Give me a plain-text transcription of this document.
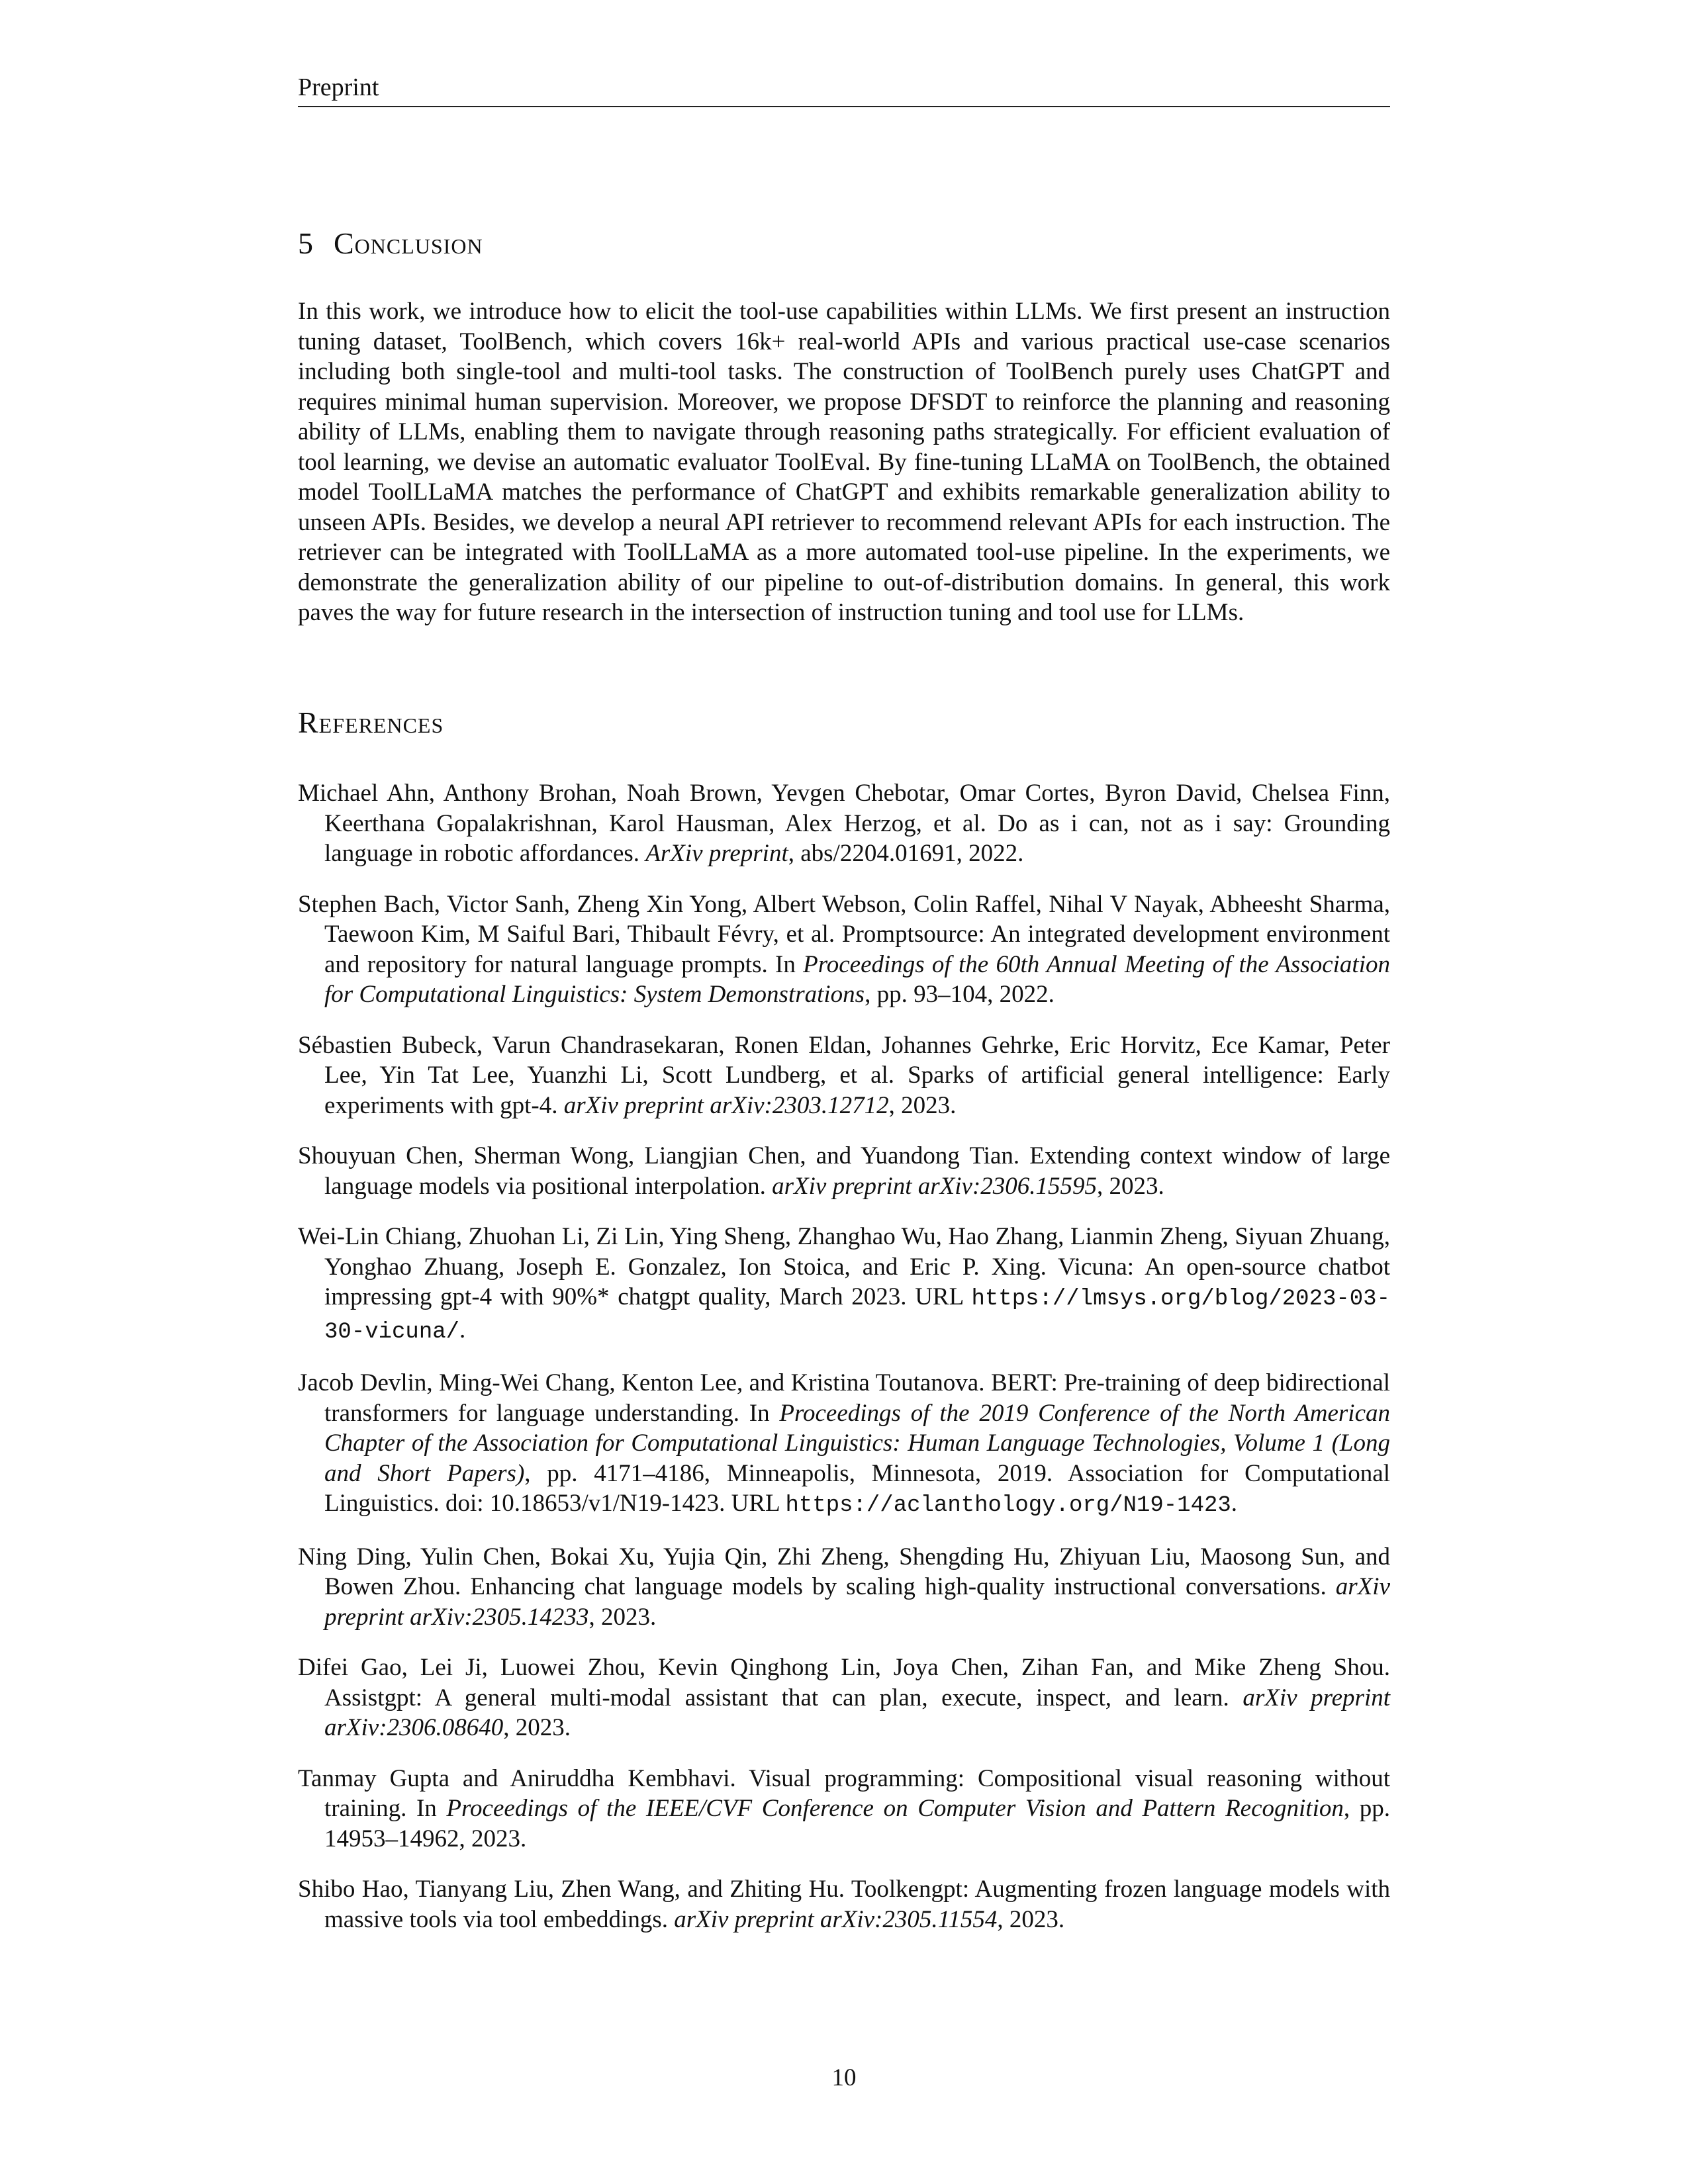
Preprint
5 Conclusion
In this work, we introduce how to elicit the tool-use capabilities within LLMs. We first present an instruction tuning dataset, ToolBench, which covers 16k+ real-world APIs and various practical use-case scenarios including both single-tool and multi-tool tasks. The construction of ToolBench purely uses ChatGPT and requires minimal human supervision. Moreover, we propose DFSDT to reinforce the planning and reasoning ability of LLMs, enabling them to navigate through reasoning paths strategically. For efficient evaluation of tool learning, we devise an automatic evaluator ToolEval. By fine-tuning LLaMA on ToolBench, the obtained model ToolLLaMA matches the performance of ChatGPT and exhibits remarkable generalization ability to unseen APIs. Besides, we develop a neural API retriever to recommend relevant APIs for each instruction. The retriever can be integrated with ToolLLaMA as a more automated tool-use pipeline. In the experiments, we demonstrate the generalization ability of our pipeline to out-of-distribution domains. In general, this work paves the way for future research in the intersection of instruction tuning and tool use for LLMs.
References
Michael Ahn, Anthony Brohan, Noah Brown, Yevgen Chebotar, Omar Cortes, Byron David, Chelsea Finn, Keerthana Gopalakrishnan, Karol Hausman, Alex Herzog, et al. Do as i can, not as i say: Grounding language in robotic affordances. ArXiv preprint, abs/2204.01691, 2022.
Stephen Bach, Victor Sanh, Zheng Xin Yong, Albert Webson, Colin Raffel, Nihal V Nayak, Abheesht Sharma, Taewoon Kim, M Saiful Bari, Thibault Févry, et al. Promptsource: An integrated development environment and repository for natural language prompts. In Proceedings of the 60th Annual Meeting of the Association for Computational Linguistics: System Demonstrations, pp. 93–104, 2022.
Sébastien Bubeck, Varun Chandrasekaran, Ronen Eldan, Johannes Gehrke, Eric Horvitz, Ece Kamar, Peter Lee, Yin Tat Lee, Yuanzhi Li, Scott Lundberg, et al. Sparks of artificial general intelligence: Early experiments with gpt-4. arXiv preprint arXiv:2303.12712, 2023.
Shouyuan Chen, Sherman Wong, Liangjian Chen, and Yuandong Tian. Extending context window of large language models via positional interpolation. arXiv preprint arXiv:2306.15595, 2023.
Wei-Lin Chiang, Zhuohan Li, Zi Lin, Ying Sheng, Zhanghao Wu, Hao Zhang, Lianmin Zheng, Siyuan Zhuang, Yonghao Zhuang, Joseph E. Gonzalez, Ion Stoica, and Eric P. Xing. Vicuna: An open-source chatbot impressing gpt-4 with 90%* chatgpt quality, March 2023. URL https://lmsys.org/blog/2023-03-30-vicuna/.
Jacob Devlin, Ming-Wei Chang, Kenton Lee, and Kristina Toutanova. BERT: Pre-training of deep bidirectional transformers for language understanding. In Proceedings of the 2019 Conference of the North American Chapter of the Association for Computational Linguistics: Human Language Technologies, Volume 1 (Long and Short Papers), pp. 4171–4186, Minneapolis, Minnesota, 2019. Association for Computational Linguistics. doi: 10.18653/v1/N19-1423. URL https://aclanthology.org/N19-1423.
Ning Ding, Yulin Chen, Bokai Xu, Yujia Qin, Zhi Zheng, Shengding Hu, Zhiyuan Liu, Maosong Sun, and Bowen Zhou. Enhancing chat language models by scaling high-quality instructional conversations. arXiv preprint arXiv:2305.14233, 2023.
Difei Gao, Lei Ji, Luowei Zhou, Kevin Qinghong Lin, Joya Chen, Zihan Fan, and Mike Zheng Shou. Assistgpt: A general multi-modal assistant that can plan, execute, inspect, and learn. arXiv preprint arXiv:2306.08640, 2023.
Tanmay Gupta and Aniruddha Kembhavi. Visual programming: Compositional visual reasoning without training. In Proceedings of the IEEE/CVF Conference on Computer Vision and Pattern Recognition, pp. 14953–14962, 2023.
Shibo Hao, Tianyang Liu, Zhen Wang, and Zhiting Hu. Toolkengpt: Augmenting frozen language models with massive tools via tool embeddings. arXiv preprint arXiv:2305.11554, 2023.
10
